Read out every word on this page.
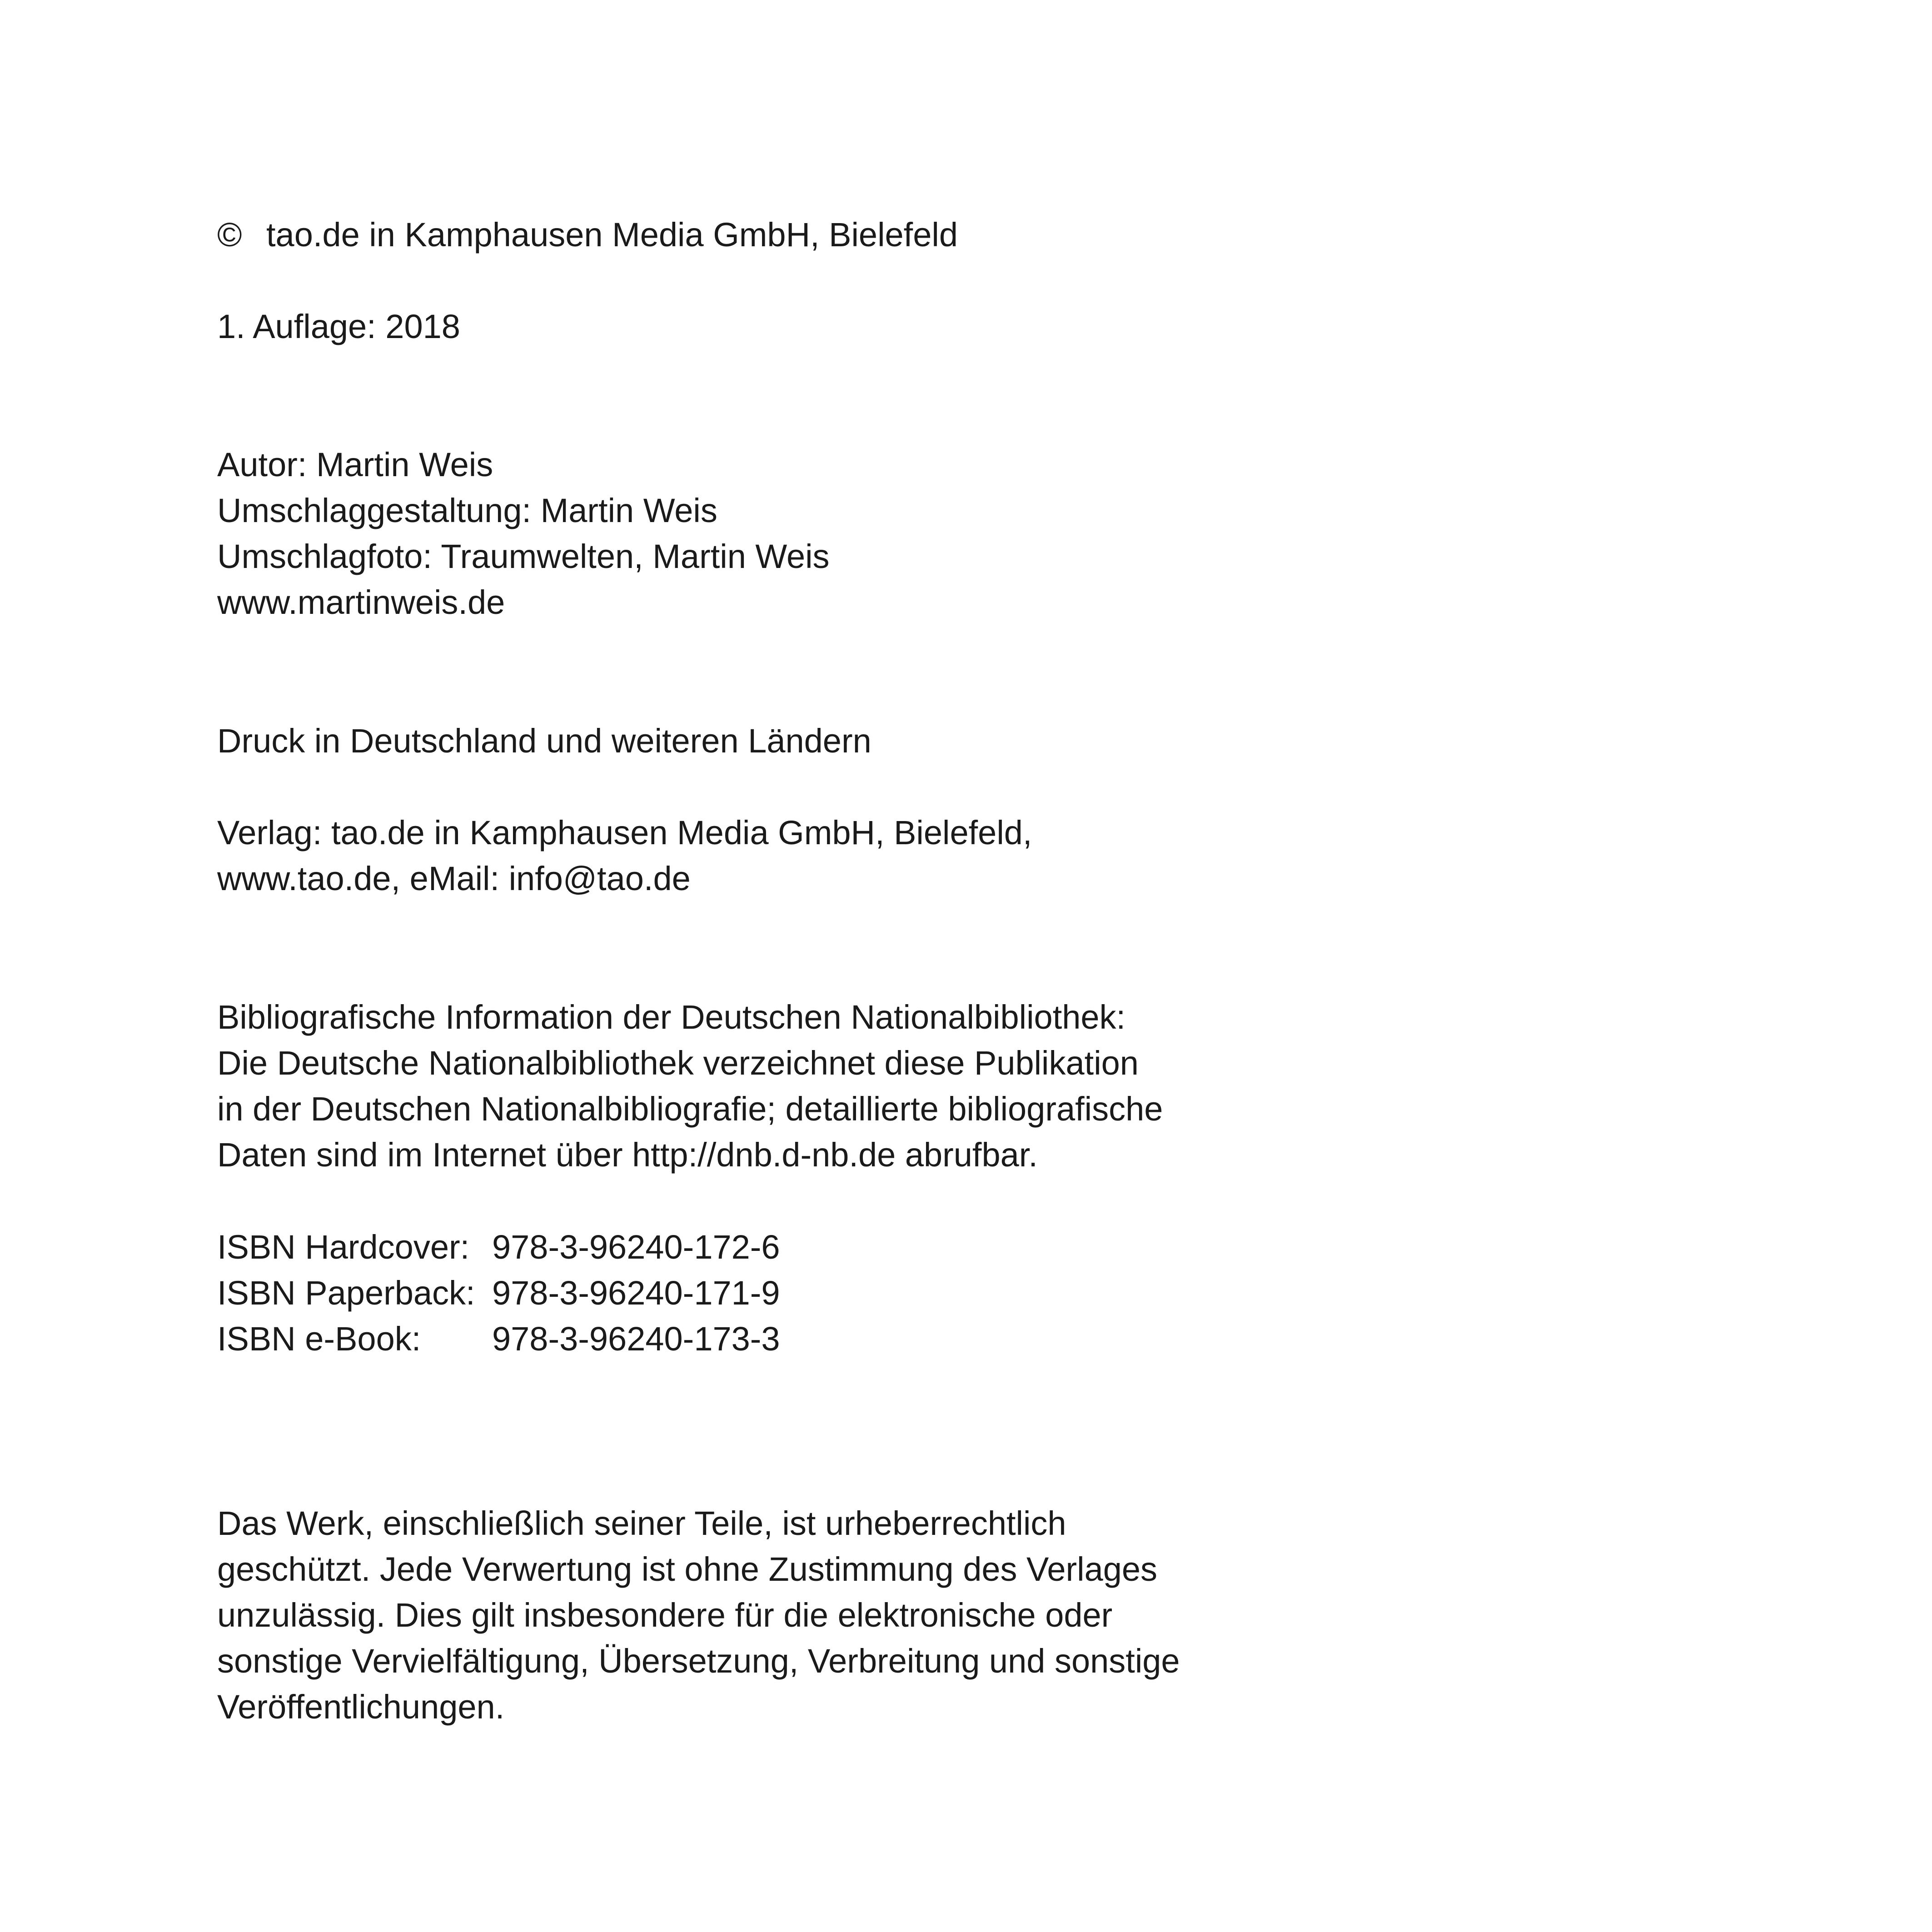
© tao.de in Kamphausen Media GmbH, Bielefeld
1. Auflage: 2018
Autor: Martin Weis
Umschlaggestaltung: Martin Weis
Umschlagfoto: Traumwelten, Martin Weis
www.martinweis.de
Druck in Deutschland und weiteren Ländern
Verlag: tao.de in Kamphausen Media GmbH, Bielefeld,
www.tao.de, eMail: info@tao.de
Bibliografische Information der Deutschen Nationalbibliothek:
Die Deutsche Nationalbibliothek verzeichnet diese Publikation
in der Deutschen Nationalbibliografie; detaillierte bibliografische
Daten sind im Internet über http://dnb.d-nb.de abrufbar.
ISBN Hardcover: 978-3-96240-172-6
ISBN Paperback: 978-3-96240-171-9
ISBN e-Book: 978-3-96240-173-3
Das Werk, einschließlich seiner Teile, ist urheberrechtlich
geschützt. Jede Verwertung ist ohne Zustimmung des Verlages
unzulässig. Dies gilt insbesondere für die elektronische oder
sonstige Vervielfältigung, Übersetzung, Verbreitung und sonstige
Veröffentlichungen.
